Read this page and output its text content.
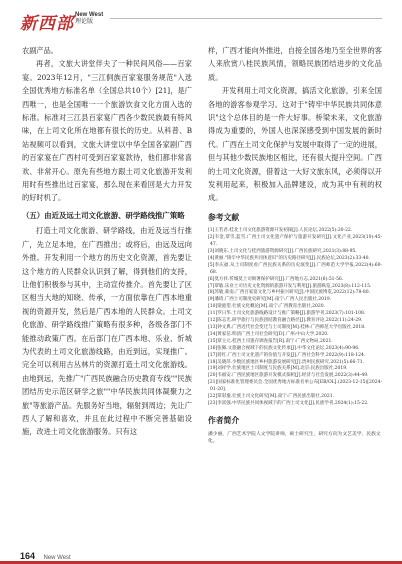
新西部 New West
理论版

农副产品。

再者，文旅大讲堂伴夫了一种民间风俗——百家宴。2023年12月，"三江侗族百家宴服务规范"入选全国优秀地方标准名单（全国总共10个）[21]，是广西唯一，也是全国唯一一个旅游饮食文化方面入选的标准。标准对三江县百家宴广西各少数民族最有特风味，在上司文化所在地都有很长的历史。从科普、B站视频可以看到，文旅大讲堂以中华全国各家剧广西的百家宴在广西村可受到百家宴款待，他们都非常喜欢、非常开心。原先有些地方跟土司文化旅游开发利用时有些推出过百家宴，那么现在来看回是大力开发的好时机了。

（五）由近及远土司文化旅游、研学路线推广策略

打造土司文化旅游、研学路线，由近及远当行推广，先立足本地，在广西推出；或将后，由远及远向外推。开发利用一个地方的历史文化资源，首先要让这个地方的人民群众认识到了解，得到他们的支持，让他们积极参与其中，主动宣传推介。首先要让了区区相当大地的知晓、传承，一方面依靠在广西本地重视的资源开发，然后是广西本地的人民群众。土司文化旅游、研学路线推广策略有很多种，各级各部门不能推动政策广西。在后部门在广西本地、乐业、忻城为代表的土司文化旅游线路，由近到远，实现推广。完全可以利用古丛林片的资源打造土司文化旅游线。由地到远，先推广"广西民族融合历史教育专线""民族团结历史示范区研学之旅""中华民族共同体凝聚力之旅"等旅游产品。先服务好当地，辐射到周边；先让广西人了解和喜欢，并且在此过程中不断完善基础设施，改进土司文化旅游服务。只有这

样，广西才能向外推进，自接全国各地乃至全世界的客人来欣赏八桂民族风情，领略民族团结进步的文化品质。

开发利用土司文化资源，搞活文化旅游，引来全国各地的游客参观学习。这对于"铸牢中华民族共同体意识"这个总体目的是一件大好事。桥梁未来，文化旅游得成为重要的，外国人也深深感受到中国发展的新时代。广西在土司文化保护与发展中取得了一定的进展，但与其他少数民族地区相比，还有很大提升空间。广西的土司文化资源，借着这一大好文旅东风，必须得以开发利用起来，积极加入品牌建设，成为其中有利的权成。

参考文献
[1]王若君.桂北土司文化旅游资源开发初探[J].人民论坛,2022(5):20-22.
[2]韦金,覃雪,蓝雪.广西土司文化遗产保护与旅游开发研究[J].文化产业,2023(10):45-47.
[3]刘晓东.土司文化与桂西旅游资源研究[J].广西民族研究,2021(3):88-95.
[4]黄丽."铸牢中华民族共同体意识"的历史路径研究[J].民族论坛,2023(2):33-40.
[5]李庆福.从土司制度看广西民族关系的历史演变[J].广西师范大学学报,2022(4):60-68.
[6]莫方祥.忻城莫土司衙署保护研究[J].广西地方志,2021(6):51-56.
[7]覃敏.乐业土司历史文化资源的旅游开发与利用[J].旅游纵览,2023(8):112-115.
[8]苏敏,蒙南.广西百家宴文化与乡村振兴研究[J].中国民族博览,2022(12):78-80.
[9]潘琦.广西土司制度史研究[M].南宁:广西人民出版社,2019.
[10]梁庭望.壮族文化概论[M].南宁:广西教育出版社,2020.
[11]罗日华.土司文化旅游线路设计与推广策略[J].旅游学刊,2023(7):101-108.
[12]陈志光.研学旅行与民族团结教育融合路径[J].教育评论,2022(11):24-29.
[13]钟文典.广西近代社会变迁与土司制度[M].桂林:广西师范大学出版社,2018.
[14]黄家信.明清广西土司社会研究[D].广州:中山大学,2020.
[15]覃主元.桂西土司遗存调查报告[R].南宁:广西文物局,2021.
[16]张佩.文旅融合视域下的民族文化传承[J].中华文化论坛,2023(4):90-96.
[17]蒋红.广西土司文化遗产的价值与开发[J].广西社会科学,2022(9):118-124.
[18]吴晓萍.少数民族地区乡村旅游发展研究[J].贵州民族研究,2021(5):66-71.
[19]刘祥学.壮族地区土司制度与民族关系[M].北京:民族出版社,2019.
[20]韦福安.广西民族地区旅游开发模式探析[J].经济与社会发展,2022(3):44-49.
[21]国家标准化管理委员会.全国优秀地方标准名单公布[EB/OL].(2023-12-15)[2024-01-20].
[22]覃彩銮.壮族土司文化研究[M].南宁:广西民族出版社,2021.
[23]李富强.中华民族共同体视域下的广西土司文化[J].民族学刊,2024(1):15-22.
作者简介
潘少丽，广西艺术学院人文学院讲师，硕士研究生，研究方向为文艺美学、民族文化。
164 New West
